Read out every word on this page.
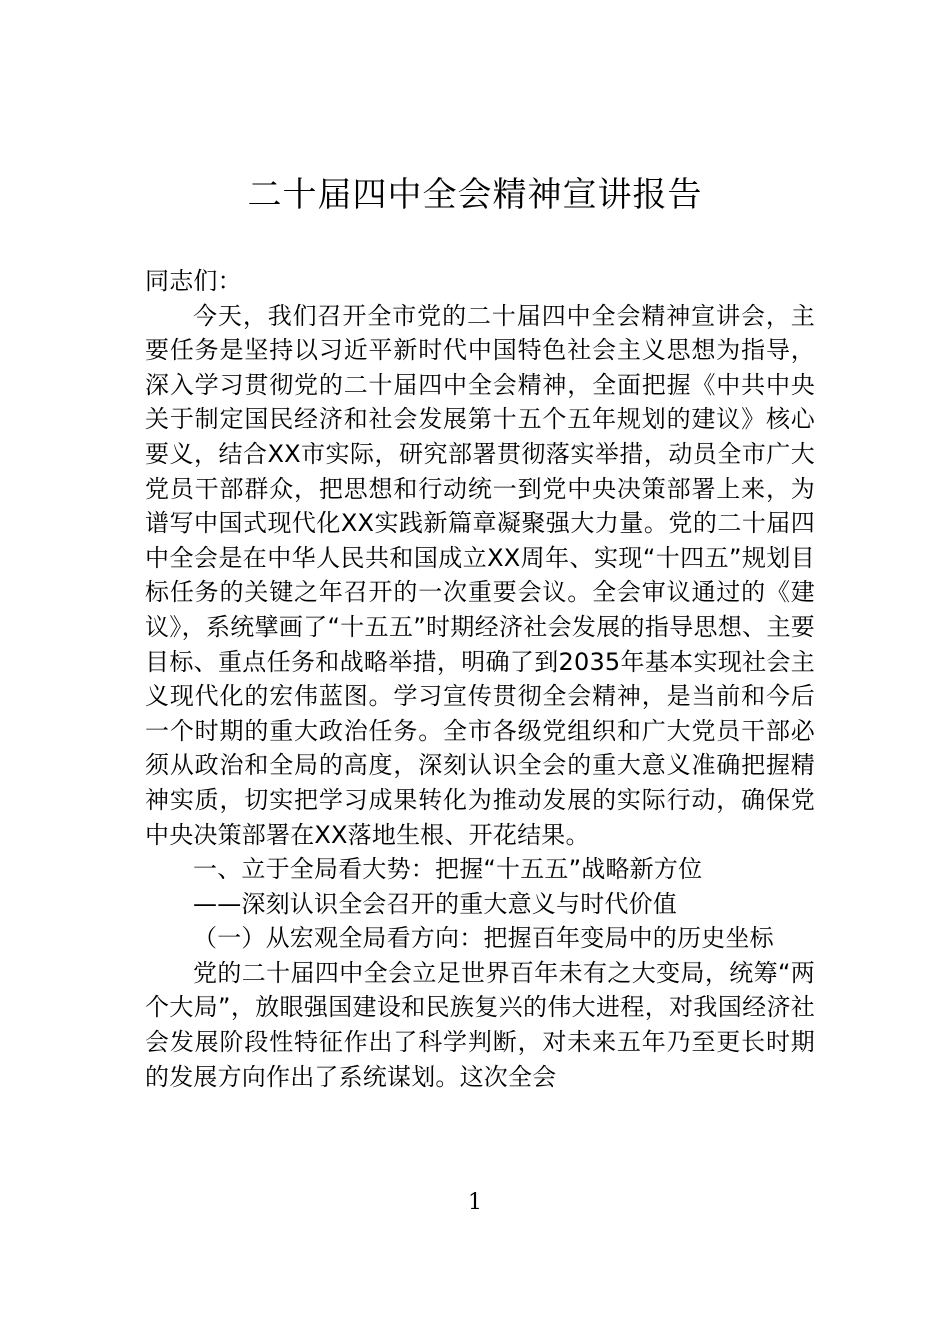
二十届四中全会精神宣讲报告

同志们：

今天，我们召开全市党的二十届四中全会精神宣讲会，主要任务是坚持以习近平新时代中国特色社会主义思想为指导，深入学习贯彻党的二十届四中全会精神，全面把握《中共中央关于制定国民经济和社会发展第十五个五年规划的建议》核心要义，结合XX市实际，研究部署贯彻落实举措，动员全市广大党员干部群众，把思想和行动统一到党中央决策部署上来，为谱写中国式现代化XX实践新篇章凝聚强大力量。党的二十届四中全会是在中华人民共和国成立XX周年、实现“十四五”规划目标任务的关键之年召开的一次重要会议。全会审议通过的《建议》，系统擘画了“十五五”时期经济社会发展的指导思想、主要目标、重点任务和战略举措，明确了到2035年基本实现社会主义现代化的宏伟蓝图。学习宣传贯彻全会精神，是当前和今后一个时期的重大政治任务。全市各级党组织和广大党员干部必须从政治和全局的高度，深刻认识全会的重大意义准确把握精神实质，切实把学习成果转化为推动发展的实际行动，确保党中央决策部署在XX落地生根、开花结果。

一、立于全局看大势：把握“十五五”战略新方位

——深刻认识全会召开的重大意义与时代价值

（一）从宏观全局看方向：把握百年变局中的历史坐标

党的二十届四中全会立足世界百年未有之大变局，统筹“两个大局”，放眼强国建设和民族复兴的伟大进程，对我国经济社会发展阶段性特征作出了科学判断，对未来五年乃至更长时期的发展方向作出了系统谋划。这次全会

1
